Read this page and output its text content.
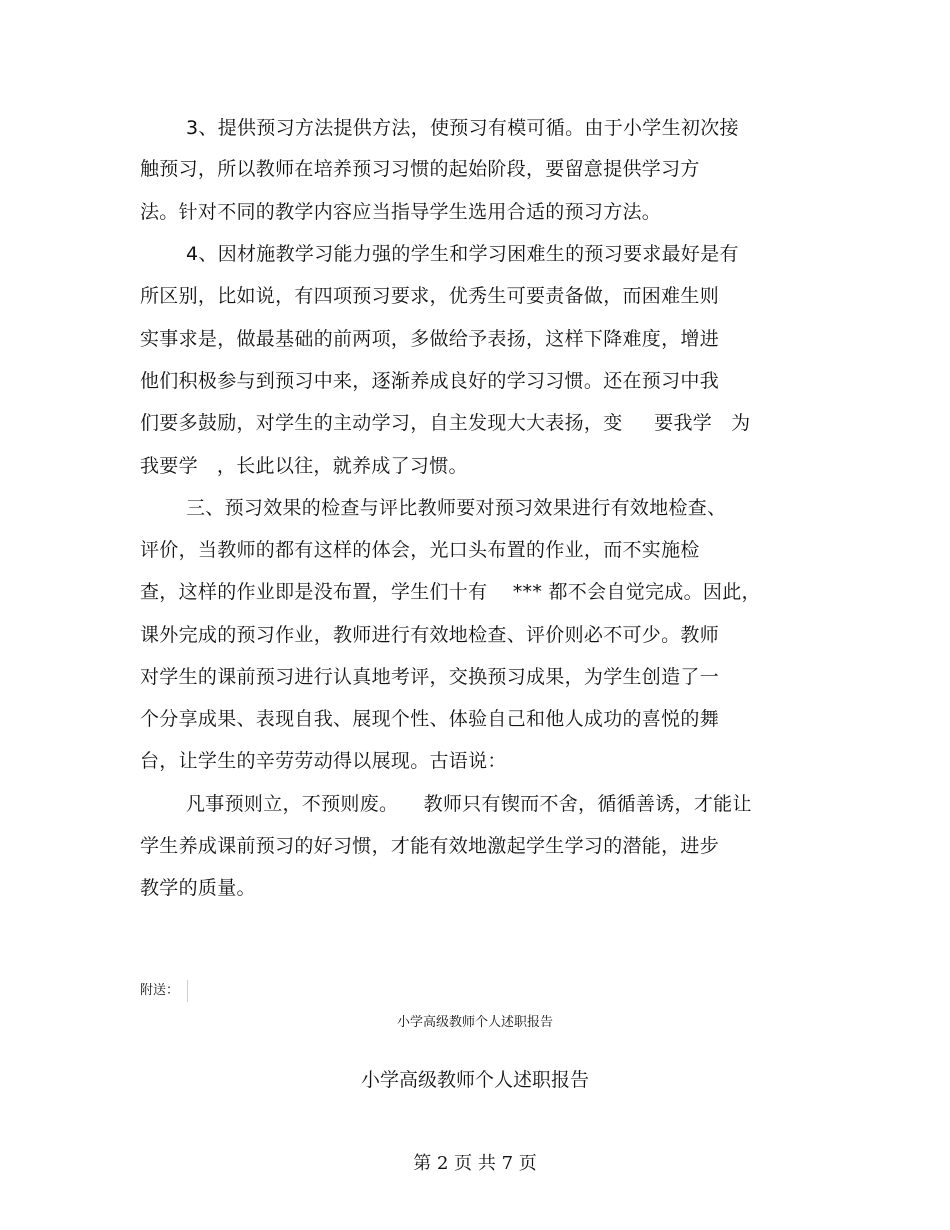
3、提供预习方法提供方法，使预习有模可循。由于小学生初次接
触预习，所以教师在培养预习习惯的起始阶段，要留意提供学习方
法。针对不同的教学内容应当指导学生选用合适的预习方法。
4、因材施教学习能力强的学生和学习困难生的预习要求最好是有
所区别，比如说，有四项预习要求，优秀生可要责备做，而困难生则
实事求是，做最基础的前两项，多做给予表扬，这样下降难度，增进
他们积极参与到预习中来，逐渐养成良好的学习习惯。还在预习中我
们要多鼓励，对学生的主动学习，自主发现大大表扬，变     要我学   为
我要学   ，长此以往，就养成了习惯。
三、预习效果的检查与评比教师要对预习效果进行有效地检查、
评价，当教师的都有这样的体会，光口头布置的作业，而不实施检
查，这样的作业即是没布置，学生们十有    *** 都不会自觉完成。因此，
课外完成的预习作业，教师进行有效地检查、评价则必不可少。教师
对学生的课前预习进行认真地考评，交换预习成果，为学生创造了一
个分享成果、表现自我、展现个性、体验自己和他人成功的喜悦的舞
台，让学生的辛劳劳动得以展现。古语说：
凡事预则立，不预则废。    教师只有锲而不舍，循循善诱，才能让
学生养成课前预习的好习惯，才能有效地激起学生学习的潜能，进步
教学的质量。
附送：
小学高级教师个人述职报告
小学高级教师个人述职报告
第 2 页 共 7 页
